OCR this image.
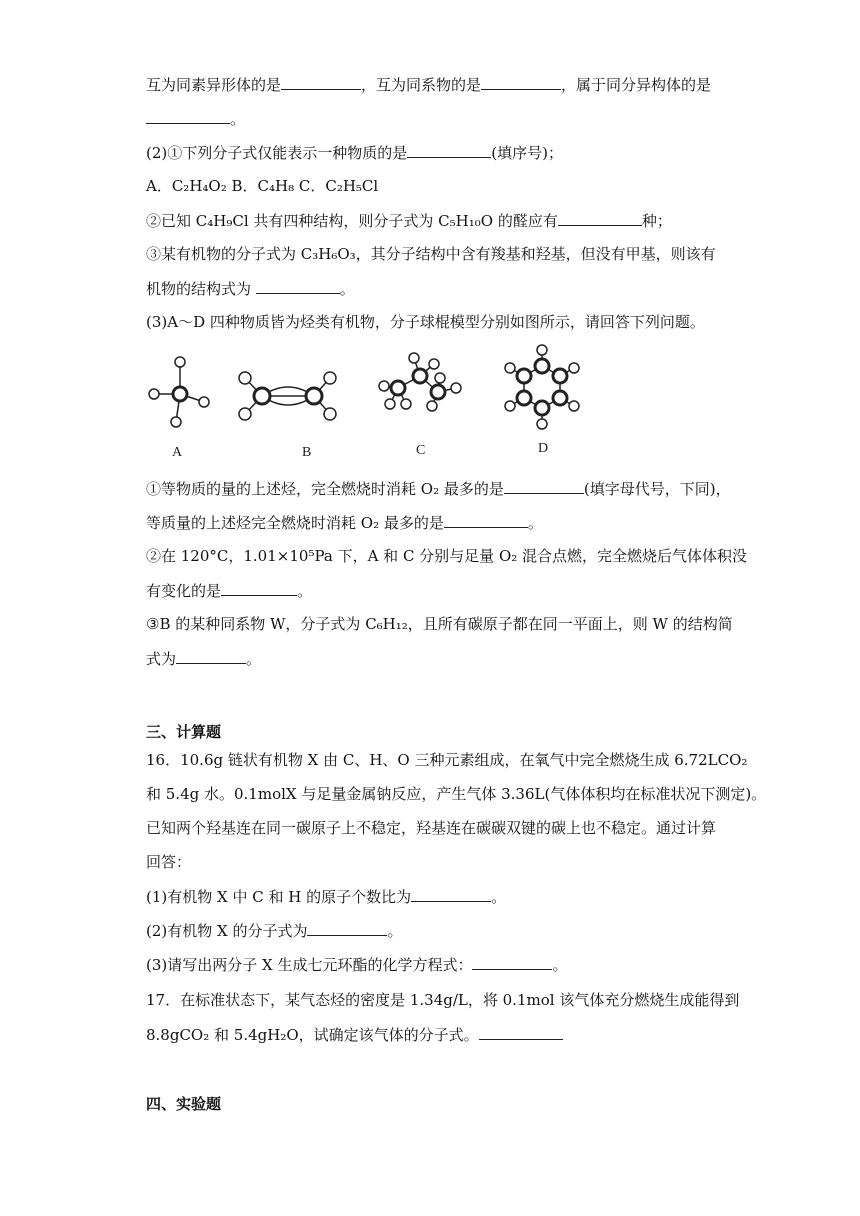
互为同素异形体的是	，互为同系物的是	，属于同分异构体的是
。
(2)①下列分子式仅能表示一种物质的是	(填序号)；
A．C₂H₄O₂ B．C₄H₈ C．C₂H₅Cl
②已知 C₄H₉Cl 共有四种结构，则分子式为 C₅H₁₀O 的醛应有	种；
③某有机物的分子式为 C₃H₆O₃，其分子结构中含有羧基和羟基，但没有甲基，则该有
机物的结构式为	。
(3)A～D 四种物质皆为烃类有机物，分子球棍模型分别如图所示，请回答下列问题。
A	B	C	D
①等物质的量的上述烃，完全燃烧时消耗 O₂ 最多的是	(填字母代号，下同)，
等质量的上述烃完全燃烧时消耗 O₂ 最多的是	。
②在 120°C，1.01×10⁵Pa 下，A 和 C 分别与足量 O₂ 混合点燃，完全燃烧后气体体积没
有变化的是	。
③B 的某种同系物 W，分子式为 C₆H₁₂，且所有碳原子都在同一平面上，则 W 的结构简
式为	。
三、计算题
16．10.6g 链状有机物 X 由 C、H、O 三种元素组成，在氧气中完全燃烧生成 6.72LCO₂
和 5.4g 水。0.1molX 与足量金属钠反应，产生气体 3.36L(气体体积均在标准状况下测定)。
已知两个羟基连在同一碳原子上不稳定，羟基连在碳碳双键的碳上也不稳定。通过计算
回答：
(1)有机物 X 中 C 和 H 的原子个数比为	。
(2)有机物 X 的分子式为	。
(3)请写出两分子 X 生成七元环酯的化学方程式：	。
17．在标准状态下，某气态烃的密度是 1.34g/L，将 0.1mol 该气体充分燃烧生成能得到
8.8gCO₂ 和 5.4gH₂O，试确定该气体的分子式。
四、实验题
